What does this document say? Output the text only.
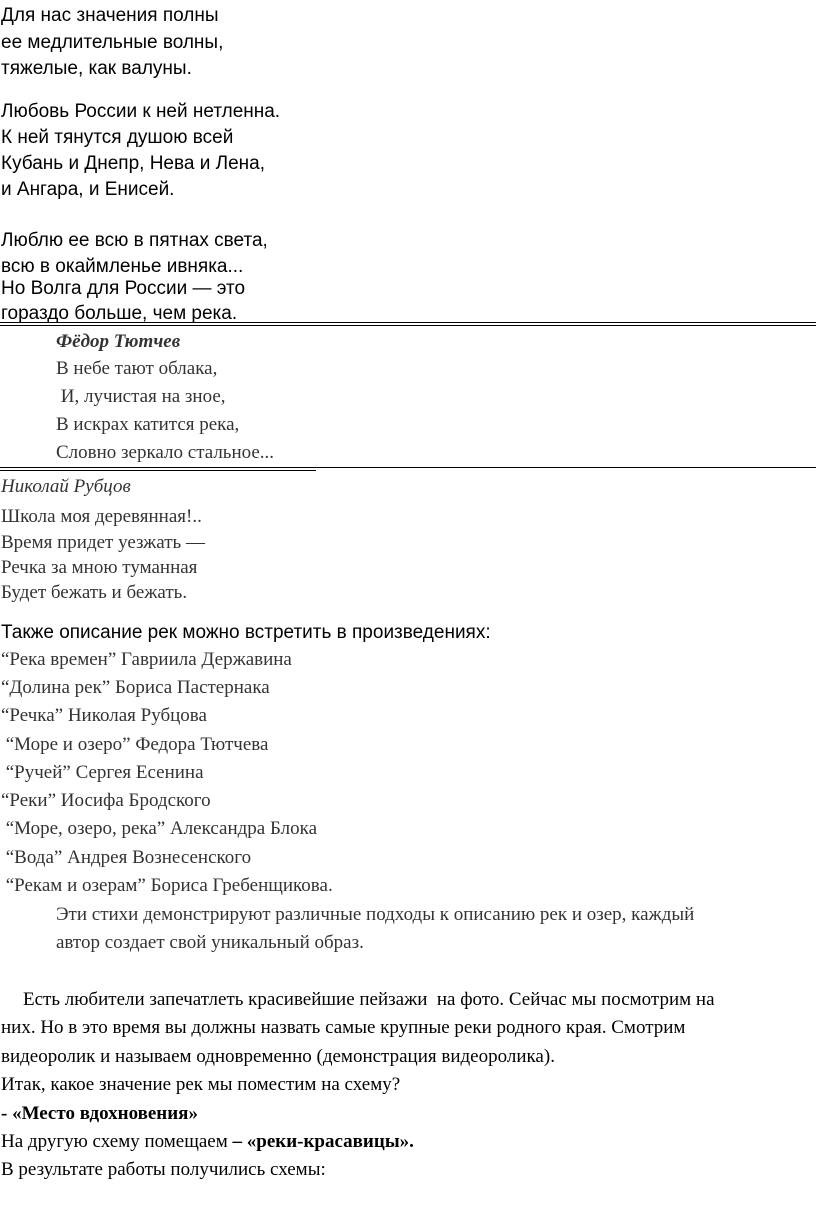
Для нас значения полны
ее медлительные волны,
тяжелые, как валуны.
Любовь России к ней нетленна.
К ней тянутся душою всей
Кубань и Днепр, Нева и Лена,
и Ангара, и Енисей.
Люблю ее всю в пятнах света,
всю в окаймленье ивняка...
Но Волга для России — это
гораздо больше, чем река.
Фёдор Тютчев
В небе тают облака,
И, лучистая на зное,
В искрах катится река,
Словно зеркало стальное...
Николай Рубцов
Школа моя деревянная!..
Время придет уезжать —
Речка за мною туманная
Будет бежать и бежать.
Также описание рек можно встретить в произведениях:
“Река времен” Гавриила Державина
“Долина рек” Бориса Пастернака
“Речка” Николая Рубцова
“Море и озеро” Федора Тютчева
“Ручей” Сергея Есенина
“Реки” Иосифа Бродского
“Море, озеро, река” Александра Блока
“Вода” Андрея Вознесенского
“Рекам и озерам” Бориса Гребенщикова.
Эти стихи демонстрируют различные подходы к описанию рек и озер, каждый
автор создает свой уникальный образ.
Есть любители запечатлеть красивейшие пейзажи  на фото. Сейчас мы посмотрим на
них. Но в это время вы должны назвать самые крупные реки родного края. Смотрим
видеоролик и называем одновременно (демонстрация видеоролика).
Итак, какое значение рек мы поместим на схему?
- «Место вдохновения»
На другую схему помещаем – «реки-красавицы».
В результате работы получились схемы:
